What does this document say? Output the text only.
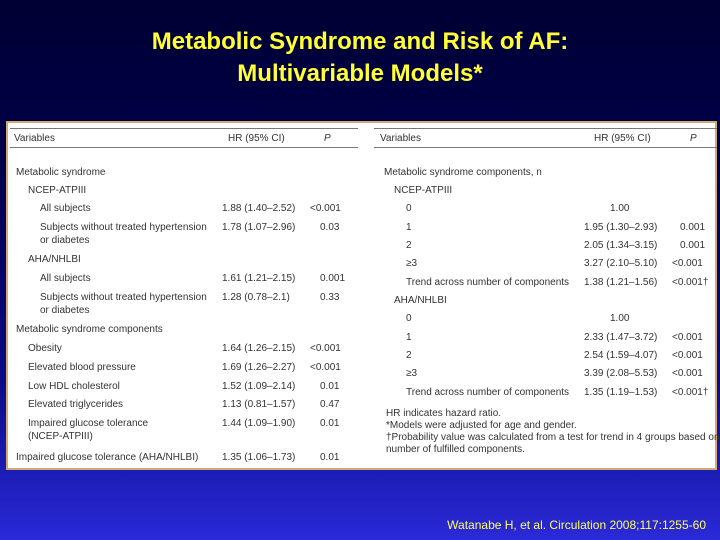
Metabolic Syndrome and Risk of AF:
Multivariable Models*
Variables	HR (95% CI)	P
Metabolic syndrome
NCEP-ATPIII
All subjects	1.88 (1.40–2.52) <0.001
Subjects without treated hypertension 1.78 (1.07–2.96) 0.03
or diabetes
AHA/NHLBI
All subjects	1.61 (1.21–2.15) 0.001
Subjects without treated hypertension 1.28 (0.78–2.1)	0.33
or diabetes
Metabolic syndrome components
Obesity	1.64 (1.26–2.15) <0.001
Elevated blood pressure	1.69 (1.26–2.27) <0.001
Low HDL cholesterol	1.52 (1.09–2.14) 0.01
Elevated triglycerides	1.13 (0.81–1.57) 0.47
Impaired glucose tolerance	1.44 (1.09–1.90) 0.01
(NCEP-ATPIII)
Impaired glucose tolerance (AHA/NHLBI) 1.35 (1.06–1.73) 0.01
Variables	HR (95% CI)	P
Metabolic syndrome components, n
NCEP-ATPIII
0	1.00
1	1.95 (1.30–2.93) 0.001
2	2.05 (1.34–3.15) 0.001
≥3	3.27 (2.10–5.10) <0.001
Trend across number of components 1.38 (1.21–1.56) <0.001†
AHA/NHLBI
0	1.00
1	2.33 (1.47–3.72) <0.001
2	2.54 (1.59–4.07) <0.001
≥3	3.39 (2.08–5.53) <0.001
Trend across number of components 1.35 (1.19–1.53) <0.001†
HR indicates hazard ratio.
*Models were adjusted for age and gender.
†Probability value was calculated from a test for trend in 4 groups based on
number of fulfilled components.
Watanabe H, et al. Circulation 2008;117:1255-60
